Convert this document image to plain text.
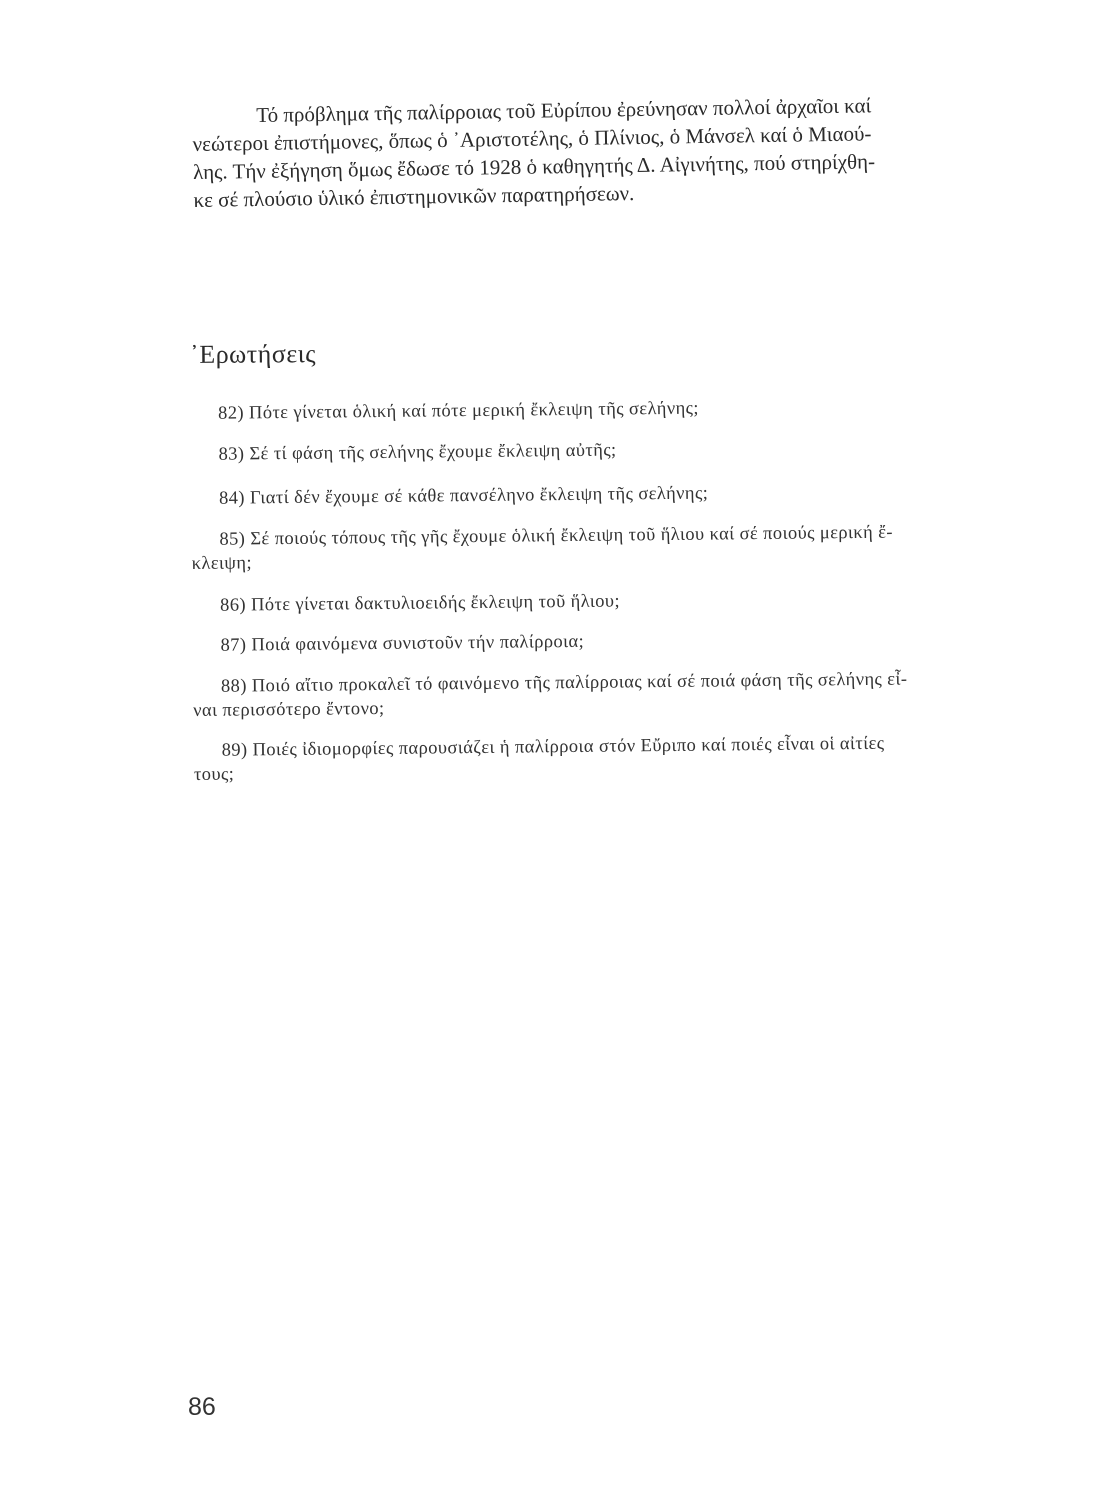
Τό πρόβλημα τῆς παλίρροιας τοῦ Εὐρίπου ἐρεύνησαν πολλοί ἀρχαῖοι καί
νεώτεροι ἐπιστήμονες, ὅπως ὁ ᾿Αριστοτέλης, ὁ Πλίνιος, ὁ Μάνσελ καί ὁ Μιαού-
λης. Τήν ἐξήγηση ὅμως ἔδωσε τό 1928 ὁ καθηγητής Δ. Αἰγινήτης, πού στηρίχθη-
κε σέ πλούσιο ὑλικό ἐπιστημονικῶν παρατηρήσεων.
᾿Ερωτήσεις
82) Πότε γίνεται ὁλική καί πότε μερική ἔκλειψη τῆς σελήνης;
83) Σέ τί φάση τῆς σελήνης ἔχουμε ἔκλειψη αὐτῆς;
84) Γιατί δέν ἔχουμε σέ κάθε πανσέληνο ἔκλειψη τῆς σελήνης;
85) Σέ ποιούς τόπους τῆς γῆς ἔχουμε ὁλική ἔκλειψη τοῦ ἥλιου καί σέ ποιούς μερική ἔ-
κλειψη;
86) Πότε γίνεται δακτυλιοειδής ἔκλειψη τοῦ ἥλιου;
87) Ποιά φαινόμενα συνιστοῦν τήν παλίρροια;
88) Ποιό αἴτιο προκαλεῖ τό φαινόμενο τῆς παλίρροιας καί σέ ποιά φάση τῆς σελήνης εἶ-
ναι περισσότερο ἔντονο;
89) Ποιές ἰδιομορφίες παρουσιάζει ἡ παλίρροια στόν Εὔριπο καί ποιές εἶναι οἱ αἰτίες
τους;
86
